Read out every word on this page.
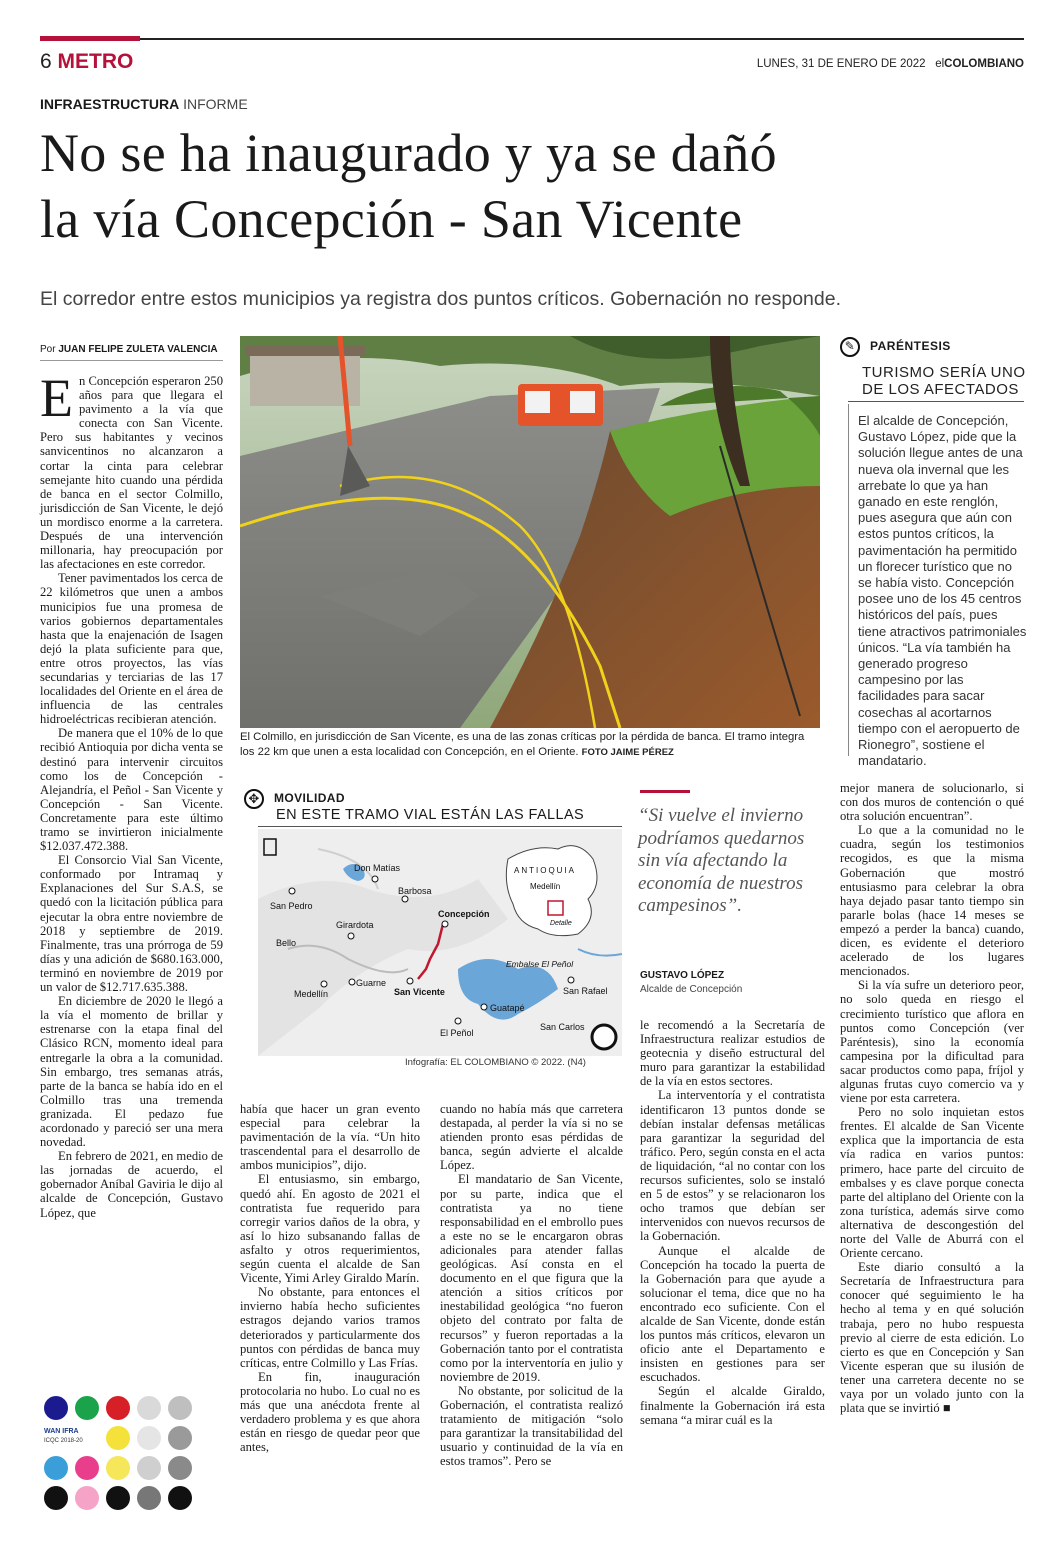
6 METRO	LUNES, 31 DE ENERO DE 2022 elCOLOMBIANO
INFRAESTRUCTURA INFORME
No se ha inaugurado y ya se dañó
la vía Concepción - San Vicente
El corredor entre estos municipios ya registra dos puntos críticos. Gobernación no responde.
Por JUAN FELIPE ZULETA VALENCIA

En Concepción esperaron 250 años para que llegara el pavimento a la vía que conecta con San Vicente. Pero sus habitantes y vecinos sanvicentinos no alcanzaron a cortar la cinta para celebrar semejante hito cuando una pérdida de banca en el sector Colmillo, jurisdicción de San Vicente, le dejó un mordisco enorme a la carretera. Después de una intervención millonaria, hay preocupación por las afectaciones en este corredor.

Tener pavimentados los cerca de 22 kilómetros que unen a ambos municipios fue una promesa de varios gobiernos departamentales hasta que la enajenación de Isagen dejó la plata suficiente para que, entre otros proyectos, las vías secundarias y terciarias de las 17 localidades del Oriente en el área de influencia de las centrales hidroeléctricas recibieran atención.

De manera que el 10% de lo que recibió Antioquia por dicha venta se destinó para intervenir circuitos como los de Concepción - Alejandría, el Peñol - San Vicente y Concepción - San Vicente. Concretamente para este último tramo se invirtieron inicialmente $12.037.472.388.

El Consorcio Vial San Vicente, conformado por Intramaq y Explanaciones del Sur S.A.S, se quedó con la licitación pública para ejecutar la obra entre noviembre de 2018 y septiembre de 2019. Finalmente, tras una prórroga de 59 días y una adición de $680.163.000, terminó en noviembre de 2019 por un valor de $12.717.635.388.

En diciembre de 2020 le llegó a la vía el momento de brillar y estrenarse con la etapa final del Clásico RCN, momento ideal para entregarle la obra a la comunidad. Sin embargo, tres semanas atrás, parte de la banca se había ido en el Colmillo tras una tremenda granizada. El pedazo fue acordonado y pareció ser una mera novedad.

En febrero de 2021, en medio de las jornadas de acuerdo, el gobernador Aníbal Gaviria le dijo al alcalde de Concepción, Gustavo López, que

El Colmillo, en jurisdicción de San Vicente, es una de las zonas críticas por la pérdida de banca. El tramo integra los 22 km que unen a esta localidad con Concepción, en el Oriente. FOTO JAIME PÉREZ
✎ PARÉNTESIS
TURISMO SERÍA UNO
DE LOS AFECTADOS
El alcalde de Concepción, Gustavo López, pide que la solución llegue antes de una nueva ola invernal que les arrebate lo que ya han ganado en este renglón, pues asegura que aún con estos puntos críticos, la pavimentación ha permitido un florecer turístico que no se había visto. Concepción posee uno de los 45 centros históricos del país, pues tiene atractivos patrimoniales únicos. “La vía también ha generado progreso campesino por las facilidades para sacar cosechas al acortarnos tiempo con el aeropuerto de Rionegro”, sostiene el mandatario.
✥ MOVILIDAD
EN ESTE TRAMO VIAL ESTÁN LAS FALLAS
Don Matías
San Pedro
Barbosa
Concepción
Girardota
Bello
Medellín
Guarne
San Vicente
Embalse El Peñol
San Rafael
Guatapé
El Peñol
San Carlos
ANTIOQUIA
Medellín
Detalle
Infografía: EL COLOMBIANO © 2022. (N4)
“Si vuelve el invierno podríamos quedarnos sin vía afectando la economía de nuestros campesinos”.
GUSTAVO LÓPEZ
Alcalde de Concepción

había que hacer un gran evento especial para celebrar la pavimentación de la vía. “Un hito trascendental para el desarrollo de ambos municipios”, dijo.

El entusiasmo, sin embargo, quedó ahí. En agosto de 2021 el contratista fue requerido para corregir varios daños de la obra, y así lo hizo subsanando fallas de asfalto y otros requerimientos, según cuenta el alcalde de San Vicente, Yimi Arley Giraldo Marín.

No obstante, para entonces el invierno había hecho suficientes estragos dejando varios tramos deteriorados y particularmente dos puntos con pérdidas de banca muy críticas, entre Colmillo y Las Frías.

En fin, inauguración protocolaria no hubo. Lo cual no es más que una anécdota frente al verdadero problema y es que ahora están en riesgo de quedar peor que antes,

cuando no había más que carretera destapada, al perder la vía si no se atienden pronto esas pérdidas de banca, según advierte el alcalde López.

El mandatario de San Vicente, por su parte, indica que el contratista ya no tiene responsabilidad en el embrollo pues a este no se le encargaron obras adicionales para atender fallas geológicas. Así consta en el documento en el que figura que la atención a sitios críticos por inestabilidad geológica “no fueron objeto del contrato por falta de recursos” y fueron reportadas a la Gobernación tanto por el contratista como por la interventoría en julio y noviembre de 2019.

No obstante, por solicitud de la Gobernación, el contratista realizó tratamiento de mitigación “solo para garantizar la transitabilidad del usuario y continuidad de la vía en estos tramos”. Pero se

le recomendó a la Secretaría de Infraestructura realizar estudios de geotecnia y diseño estructural del muro para garantizar la estabilidad de la vía en estos sectores.

La interventoría y el contratista identificaron 13 puntos donde se debían instalar defensas metálicas para garantizar la seguridad del tráfico. Pero, según consta en el acta de liquidación, “al no contar con los recursos suficientes, solo se instaló en 5 de estos” y se relacionaron los ocho tramos que debían ser intervenidos con nuevos recursos de la Gobernación.

Aunque el alcalde de Concepción ha tocado la puerta de la Gobernación para que ayude a solucionar el tema, dice que no ha encontrado eco suficiente. Con el alcalde de San Vicente, donde están los puntos más críticos, elevaron un oficio ante el Departamento e insisten en gestiones para ser escuchados.

Según el alcalde Giraldo, finalmente la Gobernación irá esta semana “a mirar cuál es la

mejor manera de solucionarlo, si con dos muros de contención o qué otra solución encuentran”.

Lo que a la comunidad no le cuadra, según los testimonios recogidos, es que la misma Gobernación que mostró entusiasmo para celebrar la obra haya dejado pasar tanto tiempo sin pararle bolas (hace 14 meses se empezó a perder la banca) cuando, dicen, es evidente el deterioro acelerado de los lugares mencionados.

Si la vía sufre un deterioro peor, no solo queda en riesgo el crecimiento turístico que aflora en puntos como Concepción (ver Paréntesis), sino la economía campesina por la dificultad para sacar productos como papa, fríjol y algunas frutas cuyo comercio va y viene por esta carretera.

Pero no solo inquietan estos frentes. El alcalde de San Vicente explica que la importancia de esta vía radica en varios puntos: primero, hace parte del circuito de embalses y es clave porque conecta parte del altiplano del Oriente con la zona turística, además sirve como alternativa de descongestión del norte del Valle de Aburrá con el Oriente cercano.

Este diario consultó a la Secretaría de Infraestructura para conocer qué seguimiento le ha hecho al tema y en qué solución trabaja, pero no hubo respuesta previo al cierre de esta edición. Lo cierto es que en Concepción y San Vicente esperan que su ilusión de tener una carretera decente no se vaya por un volado junto con la plata que se invirtió ■

WAN IFRA
ICQC 2018-20
